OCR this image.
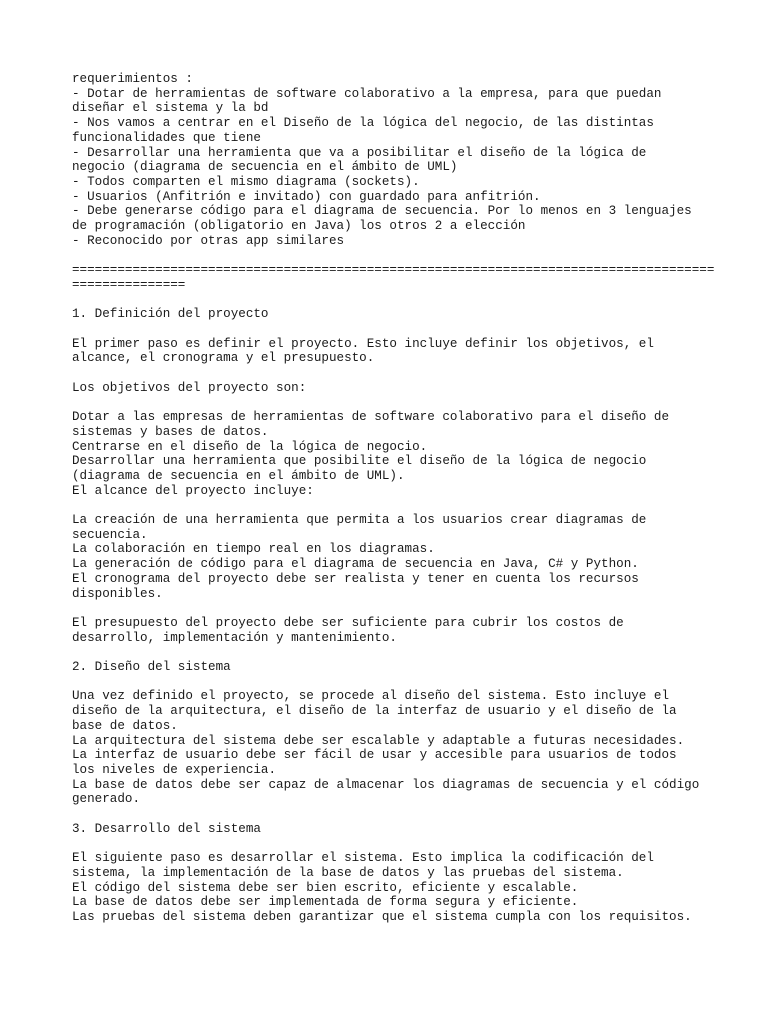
requerimientos :
- Dotar de herramientas de software colaborativo a la empresa, para que puedan
diseñar el sistema y la bd
- Nos vamos a centrar en el Diseño de la lógica del negocio, de las distintas
funcionalidades que tiene
- Desarrollar una herramienta que va a posibilitar el diseño de la lógica de
negocio (diagrama de secuencia en el ámbito de UML)
- Todos comparten el mismo diagrama (sockets).
- Usuarios (Anfitrión e invitado) con guardado para anfitrión.
- Debe generarse código para el diagrama de secuencia. Por lo menos en 3 lenguajes
de programación (obligatorio en Java) los otros 2 a elección
- Reconocido por otras app similares
=====================================================================================
===============
1. Definición del proyecto
El primer paso es definir el proyecto. Esto incluye definir los objetivos, el
alcance, el cronograma y el presupuesto.
Los objetivos del proyecto son:
Dotar a las empresas de herramientas de software colaborativo para el diseño de
sistemas y bases de datos.
Centrarse en el diseño de la lógica de negocio.
Desarrollar una herramienta que posibilite el diseño de la lógica de negocio
(diagrama de secuencia en el ámbito de UML).
El alcance del proyecto incluye:
La creación de una herramienta que permita a los usuarios crear diagramas de
secuencia.
La colaboración en tiempo real en los diagramas.
La generación de código para el diagrama de secuencia en Java, C# y Python.
El cronograma del proyecto debe ser realista y tener en cuenta los recursos
disponibles.
El presupuesto del proyecto debe ser suficiente para cubrir los costos de
desarrollo, implementación y mantenimiento.
2. Diseño del sistema
Una vez definido el proyecto, se procede al diseño del sistema. Esto incluye el
diseño de la arquitectura, el diseño de la interfaz de usuario y el diseño de la
base de datos.
La arquitectura del sistema debe ser escalable y adaptable a futuras necesidades.
La interfaz de usuario debe ser fácil de usar y accesible para usuarios de todos
los niveles de experiencia.
La base de datos debe ser capaz de almacenar los diagramas de secuencia y el código
generado.
3. Desarrollo del sistema
El siguiente paso es desarrollar el sistema. Esto implica la codificación del
sistema, la implementación de la base de datos y las pruebas del sistema.
El código del sistema debe ser bien escrito, eficiente y escalable.
La base de datos debe ser implementada de forma segura y eficiente.
Las pruebas del sistema deben garantizar que el sistema cumpla con los requisitos.
